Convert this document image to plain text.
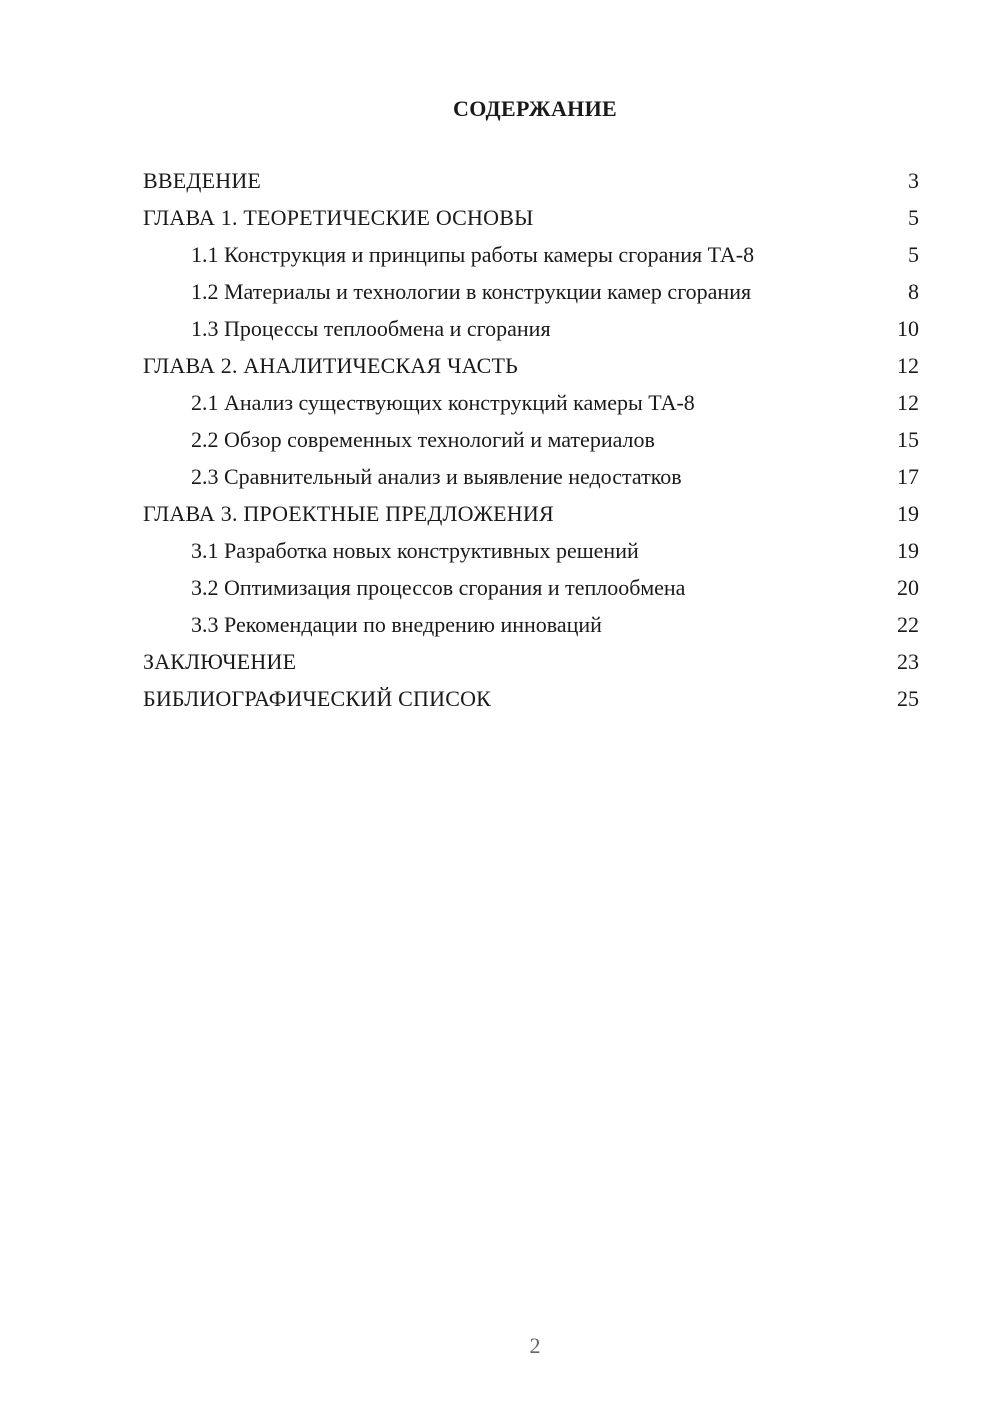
СОДЕРЖАНИЕ
ВВЕДЕНИЕ	3
ГЛАВА 1. ТЕОРЕТИЧЕСКИЕ ОСНОВЫ	5
1.1 Конструкция и принципы работы камеры сгорания ТА-8	5
1.2 Материалы и технологии в конструкции камер сгорания	8
1.3 Процессы теплообмена и сгорания	10
ГЛАВА 2. АНАЛИТИЧЕСКАЯ ЧАСТЬ	12
2.1 Анализ существующих конструкций камеры ТА-8	12
2.2 Обзор современных технологий и материалов	15
2.3 Сравнительный анализ и выявление недостатков	17
ГЛАВА 3. ПРОЕКТНЫЕ ПРЕДЛОЖЕНИЯ	19
3.1 Разработка новых конструктивных решений	19
3.2 Оптимизация процессов сгорания и теплообмена	20
3.3 Рекомендации по внедрению инноваций	22
ЗАКЛЮЧЕНИЕ	23
БИБЛИОГРАФИЧЕСКИЙ СПИСОК	25
2
